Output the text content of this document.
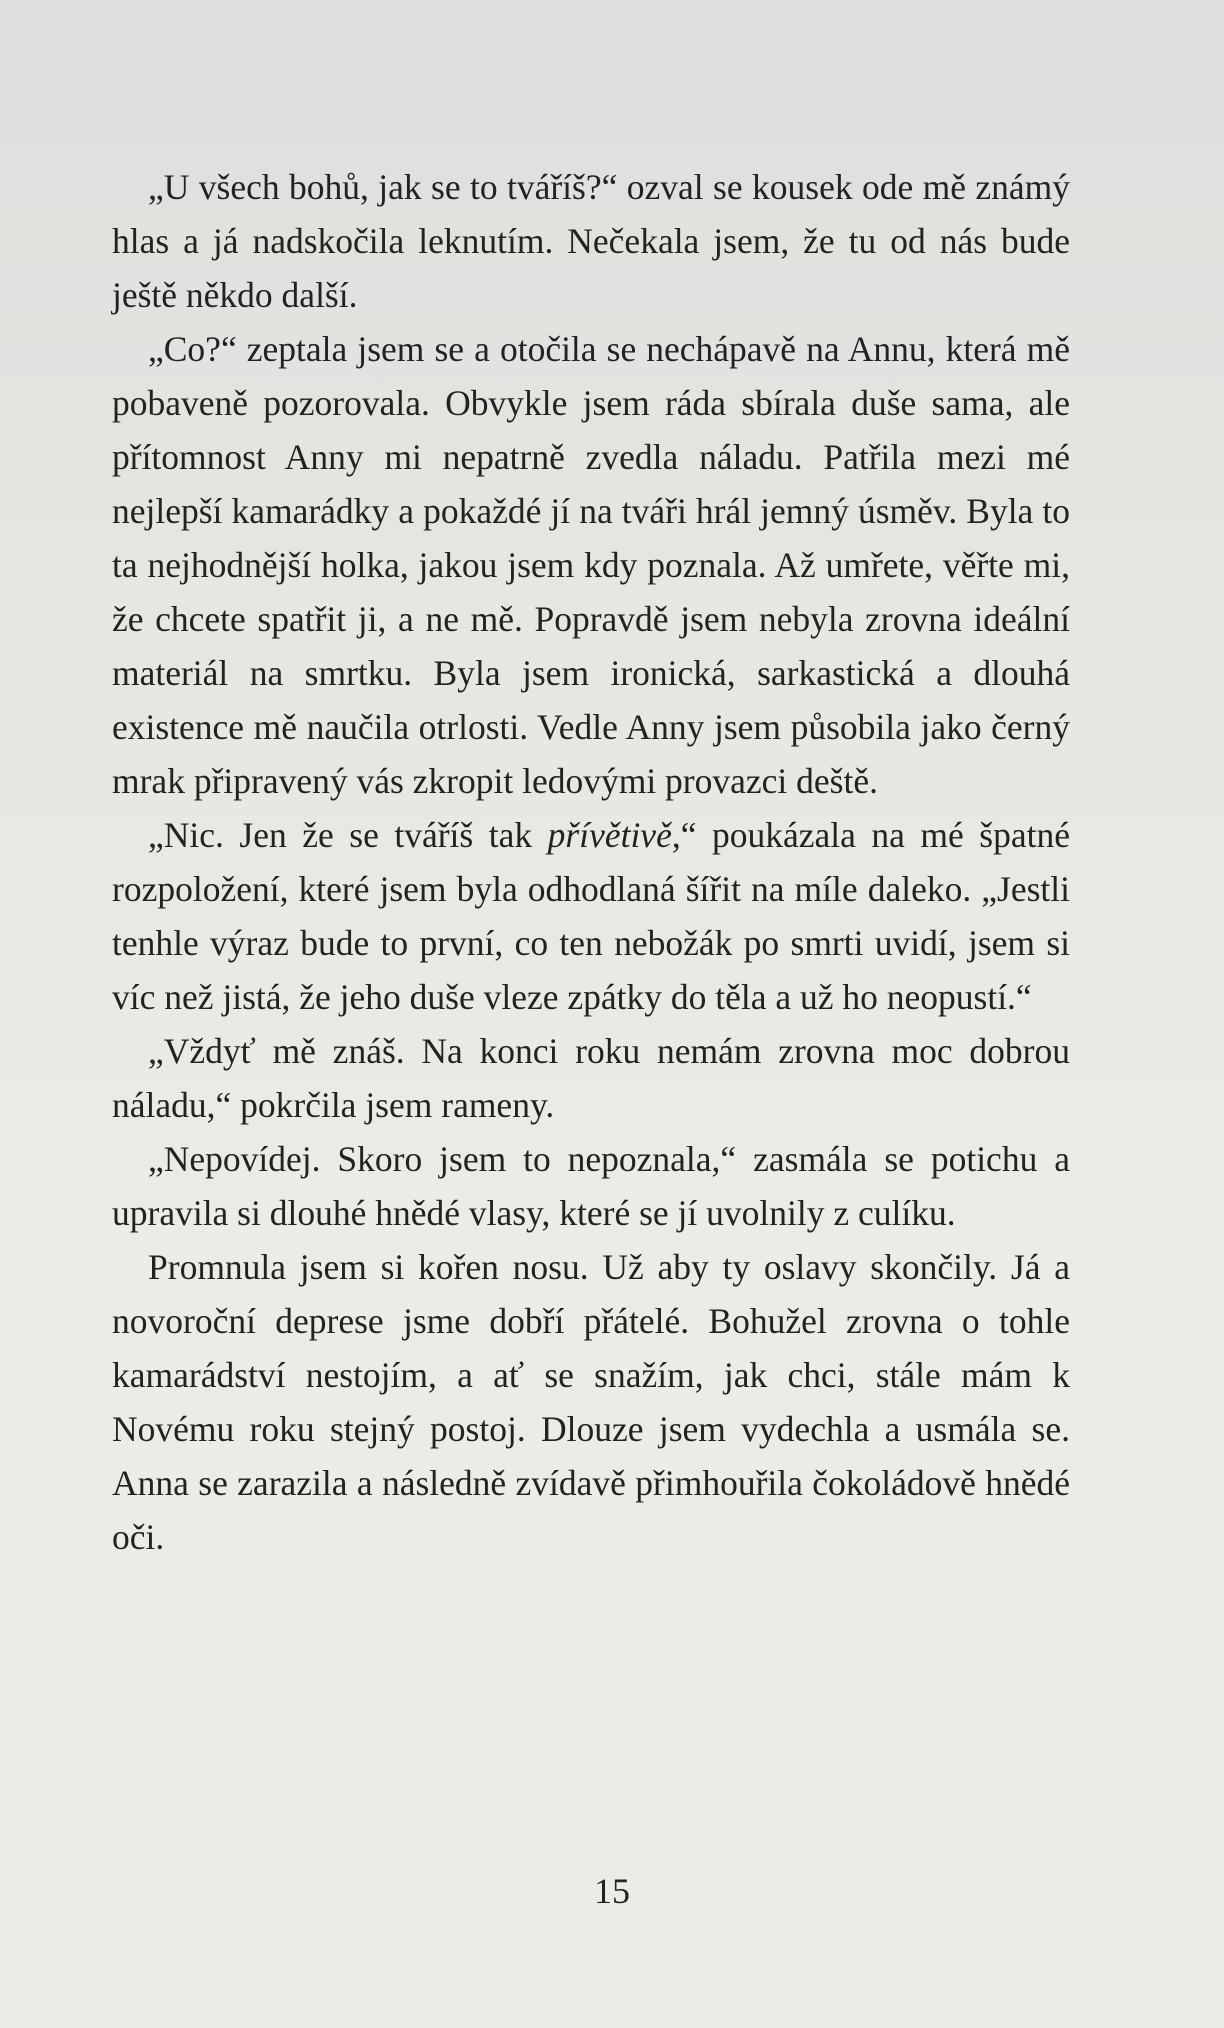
„U všech bohů, jak se to tváříš?“ ozval se kousek ode mě známý hlas a já nadskočila leknutím. Nečekala jsem, že tu od nás bude ještě někdo další.

„Co?“ zeptala jsem se a otočila se nechápavě na Annu, která mě pobaveně pozorovala. Obvykle jsem ráda sbírala duše sama, ale přítomnost Anny mi nepatrně zvedla náladu. Patřila mezi mé nejlepší kamarádky a pokaždé jí na tváři hrál jemný úsměv. Byla to ta nejhodnější holka, jakou jsem kdy poznala. Až umřete, věřte mi, že chcete spatřit ji, a ne mě. Popravdě jsem nebyla zrovna ideální materiál na smrtku. Byla jsem ironická, sarkastická a dlouhá existence mě naučila otrlosti. Vedle Anny jsem působila jako černý mrak připravený vás zkropit ledovými provazci deště.

„Nic. Jen že se tváříš tak přívětivě,“ poukázala na mé špatné rozpoložení, které jsem byla odhodlaná šířit na míle daleko. „Jestli tenhle výraz bude to první, co ten nebožák po smrti uvidí, jsem si víc než jistá, že jeho duše vleze zpátky do těla a už ho neopustí.“

„Vždyť mě znáš. Na konci roku nemám zrovna moc dobrou náladu,“ pokrčila jsem rameny.

„Nepovídej. Skoro jsem to nepoznala,“ zasmála se potichu a upravila si dlouhé hnědé vlasy, které se jí uvolnily z culíku.

Promnula jsem si kořen nosu. Už aby ty oslavy skončily. Já a novoroční deprese jsme dobří přátelé. Bohužel zrovna o tohle kamarádství nestojím, a ať se snažím, jak chci, stále mám k Novému roku stejný postoj. Dlouze jsem vydechla a usmála se. Anna se zarazila a následně zvídavě přimhouřila čokoládově hnědé oči.

15
